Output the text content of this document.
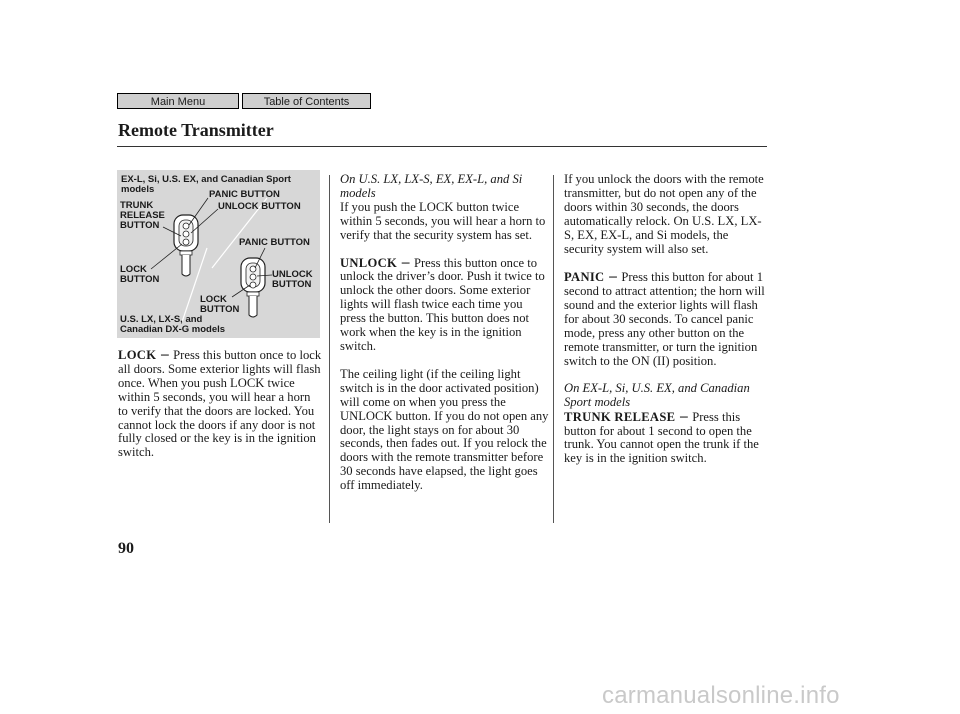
Main Menu	Table of Contents
Remote Transmitter
EX-L, Si, U.S. EX, and Canadian Sport
models	PANIC BUTTON
UNLOCK BUTTON
TRUNK
RELEASE
BUTTON
PANIC BUTTON
LOCK
BUTTON	UNLOCK
BUTTON
LOCK
BUTTON
U.S. LX, LX-S, and
Canadian DX-G models

LOCK − Press this button once to lock all doors. Some exterior lights will flash once. When you push LOCK twice within 5 seconds, you will hear a horn to verify that the doors are locked. You cannot lock the doors if any door is not fully closed or the key is in the ignition switch.

On U.S. LX, LX-S, EX, EX-L, and Si models

If you push the LOCK button twice within 5 seconds, you will hear a horn to verify that the security system has set.

UNLOCK − Press this button once to unlock the driver’s door. Push it twice to unlock the other doors. Some exterior lights will flash twice each time you press the button. This button does not work when the key is in the ignition switch.

The ceiling light (if the ceiling light switch is in the door activated position) will come on when you press the UNLOCK button. If you do not open any door, the light stays on for about 30 seconds, then fades out. If you relock the doors with the remote transmitter before 30 seconds have elapsed, the light goes off immediately.

If you unlock the doors with the remote transmitter, but do not open any of the doors within 30 seconds, the doors automatically relock. On U.S. LX, LX-S, EX, EX-L, and Si models, the security system will also set.

PANIC − Press this button for about 1 second to attract attention; the horn will sound and the exterior lights will flash for about 30 seconds. To cancel panic mode, press any other button on the remote transmitter, or turn the ignition switch to the ON (II) position.

On EX-L, Si, U.S. EX, and Canadian Sport models

TRUNK RELEASE − Press this button for about 1 second to open the trunk. You cannot open the trunk if the key is in the ignition switch.

90
carmanualsonline.info
